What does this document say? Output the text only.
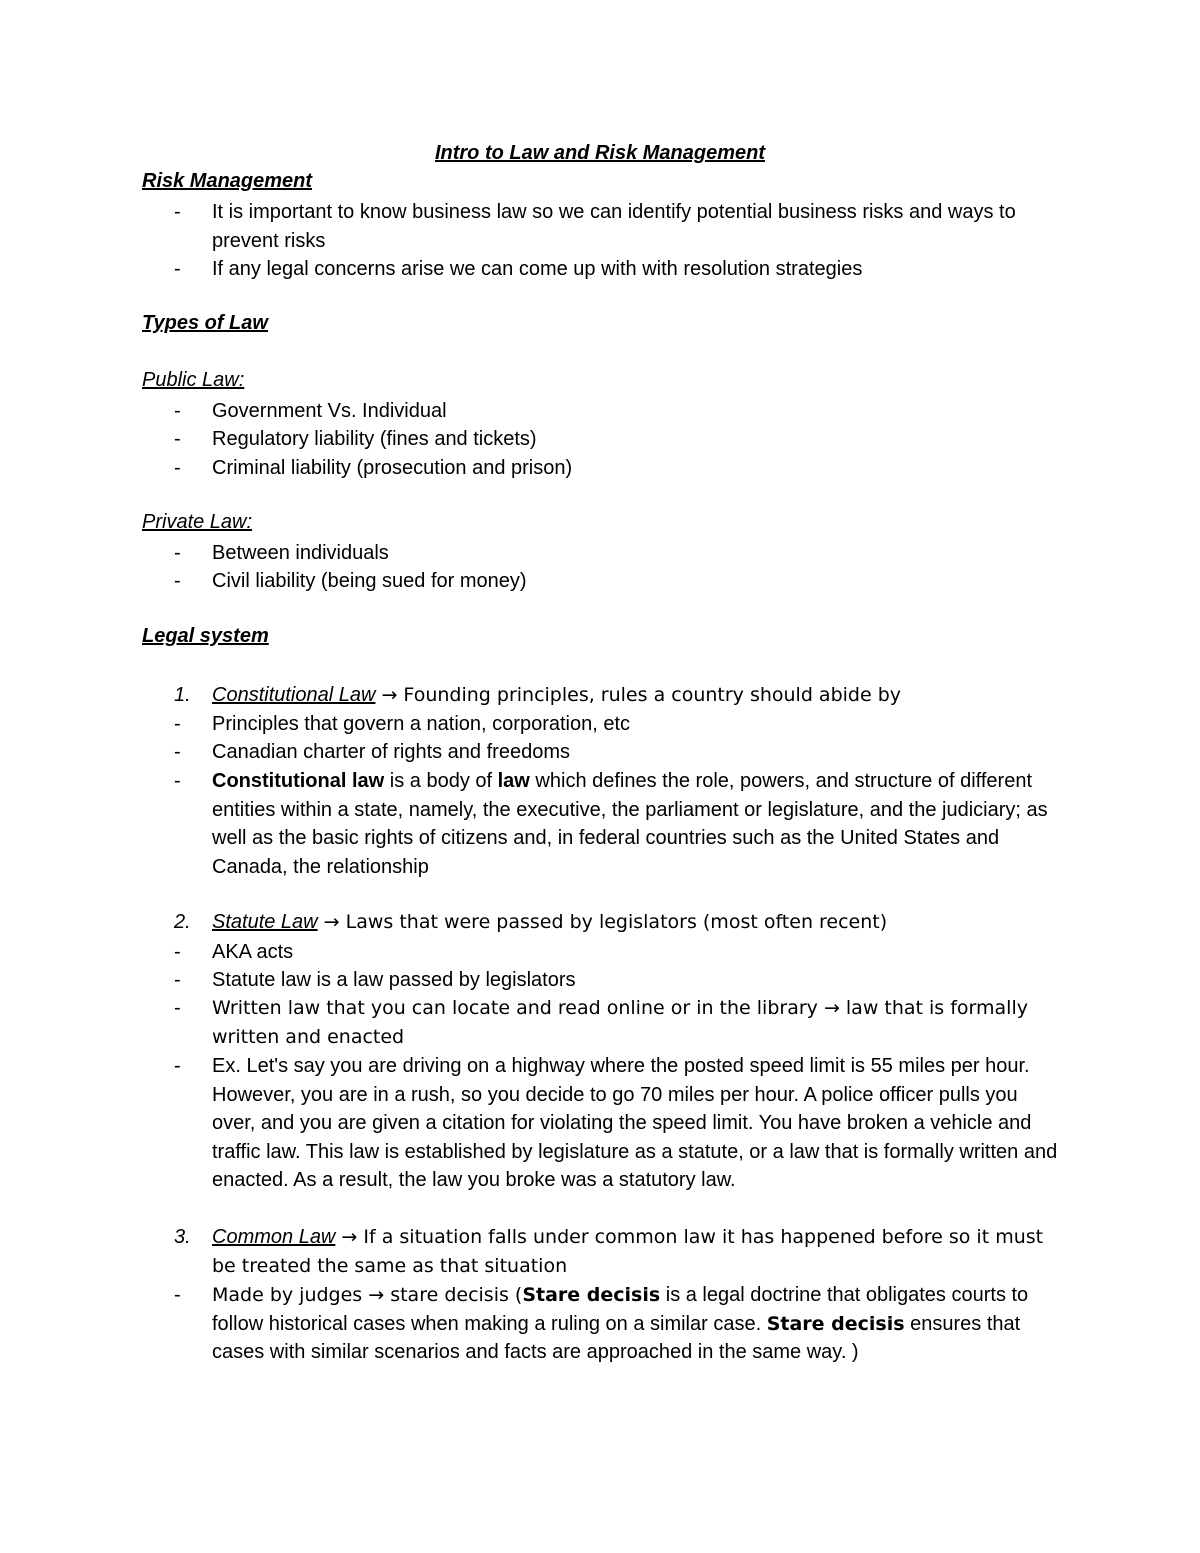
Intro to Law and Risk Management
Risk Management
-	It is important to know business law so we can identify potential business risks and ways to prevent risks
-	If any legal concerns arise we can come up with with resolution strategies
Types of Law
Public Law:
-	Government Vs. Individual
-	Regulatory liability (fines and tickets)
-	Criminal liability (prosecution and prison)
Private Law:
-	Between individuals
-	Civil liability (being sued for money)
Legal system
1.	Constitutional Law → Founding principles, rules a country should abide by
-	Principles that govern a nation, corporation, etc
-	Canadian charter of rights and freedoms
-	Constitutional law is a body of law which defines the role, powers, and structure of different entities within a state, namely, the executive, the parliament or legislature, and the judiciary; as well as the basic rights of citizens and, in federal countries such as the United States and Canada, the relationship
2.	Statute Law → Laws that were passed by legislators (most often recent)
-	AKA acts
-	Statute law is a law passed by legislators
-	Written law that you can locate and read online or in the library → law that is formally written and enacted
-	Ex. Let's say you are driving on a highway where the posted speed limit is 55 miles per hour. However, you are in a rush, so you decide to go 70 miles per hour. A police officer pulls you over, and you are given a citation for violating the speed limit. You have broken a vehicle and traffic law. This law is established by legislature as a statute, or a law that is formally written and enacted. As a result, the law you broke was a statutory law.
3.	Common Law → If a situation falls under common law it has happened before so it must be treated the same as that situation
-	Made by judges → stare decisis (Stare decisis is a legal doctrine that obligates courts to follow historical cases when making a ruling on a similar case. Stare decisis ensures that cases with similar scenarios and facts are approached in the same way. )
